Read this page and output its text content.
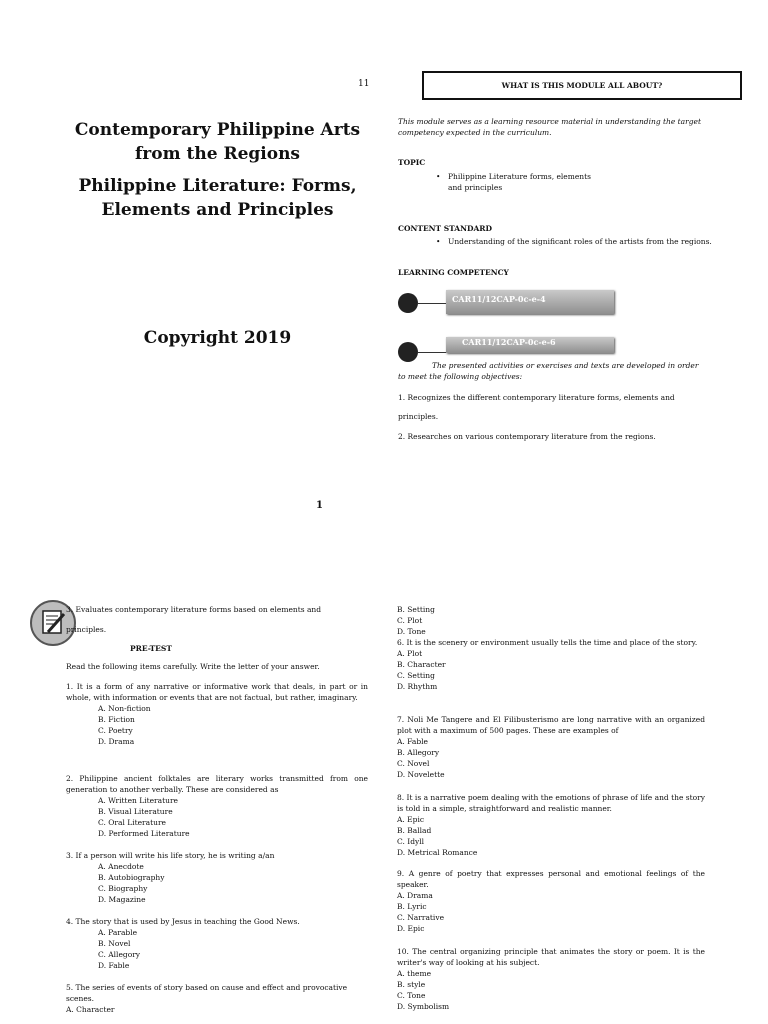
11
Contemporary Philippine Arts
from the Regions
Philippine Literature: Forms,
Elements and Principles
Copyright 2019
1
WHAT IS THIS MODULE ALL ABOUT?
This module serves as a learning resource material in understanding the target competency expected in the curriculum.
TOPIC
• Philippine Literature forms, elements and principles
CONTENT STANDARD
• Understanding of the significant roles of the artists from the regions.
LEARNING COMPETENCY
CAR11/12CAP-0c-e-4
CAR11/12CAP-0c-e-6
The presented activities or exercises and texts are developed in order to meet the following objectives:
1. Recognizes the different contemporary literature forms, elements and
principles.
2. Researches on various contemporary literature from the regions.
3. Evaluates contemporary literature forms based on elements and
principles.
PRE-TEST
Read the following items carefully. Write the letter of your answer.
1. It is a form of any narrative or informative work that deals, in part or in whole, with information or events that are not factual, but rather, imaginary.
A. Non-fiction
B. Fiction
C. Poetry
D. Drama
2. Philippine ancient folktales are literary works transmitted from one generation to another verbally. These are considered as
A. Written Literature
B. Visual Literature
C. Oral Literature
D. Performed Literature
3. If a person will write his life story, he is writing a/an
A. Anecdote
B. Autobiography
C. Biography
D. Magazine
4. The story that is used by Jesus in teaching the Good News.
A. Parable
B. Novel
C. Allegory
D. Fable
5. The series of events of story based on cause and effect and provocative scenes.
A. Character
B. Setting
C. Plot
D. Tone
6. It is the scenery or environment usually tells the time and place of the story.
A. Plot
B. Character
C. Setting
D. Rhythm
7. Noli Me Tangere and El Filibusterismo are long narrative with an organized plot with a maximum of 500 pages. These are examples of
A. Fable
B. Allegory
C. Novel
D. Novelette
8. It is a narrative poem dealing with the emotions of phrase of life and the story is told in a simple, straightforward and realistic manner.
A. Epic
B. Ballad
C. Idyll
D. Metrical Romance
9. A genre of poetry that expresses personal and emotional feelings of the speaker.
A. Drama
B. Lyric
C. Narrative
D. Epic
10. The central organizing principle that animates the story or poem. It is the writer's way of looking at his subject.
A. theme
B. style
C. Tone
D. Symbolism
